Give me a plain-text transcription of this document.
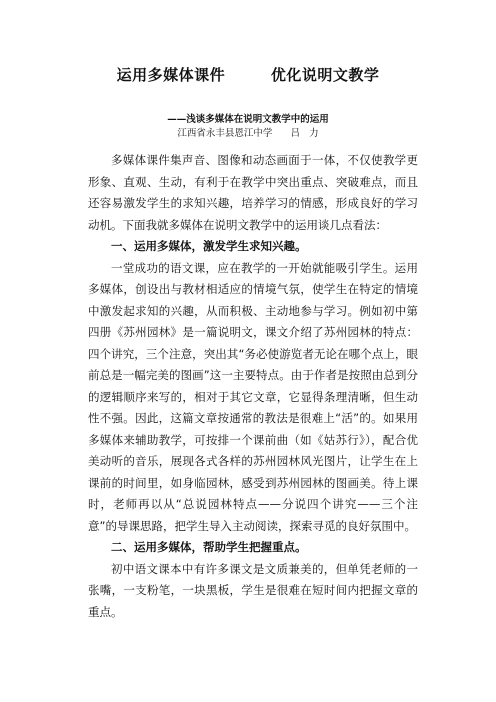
运用多媒体课件        优化说明文教学
——浅谈多媒体在说明文教学中的运用
江西省永丰县恩江中学      吕   力

多媒体课件集声音、图像和动态画面于一体，不仅使教学更形象、直观、生动，有利于在教学中突出重点、突破难点，而且还容易激发学生的求知兴趣，培养学习的情感，形成良好的学习动机。下面我就多媒体在说明文教学中的运用谈几点看法：

一、运用多媒体，激发学生求知兴趣。

一堂成功的语文课，应在教学的一开始就能吸引学生。运用多媒体，创设出与教材相适应的情境气氛，使学生在特定的情境中激发起求知的兴趣，从而积极、主动地参与学习。例如初中第四册《苏州园林》是一篇说明文，课文介绍了苏州园林的特点：四个讲究，三个注意，突出其“务必使游览者无论在哪个点上，眼前总是一幅完美的图画”这一主要特点。由于作者是按照由总到分的逻辑顺序来写的，相对于其它文章，它显得条理清晰，但生动性不强。因此，这篇文章按通常的教法是很难上“活”的。如果用多媒体来辅助教学，可按排一个课前曲（如《姑苏行》），配合优美动听的音乐，展现各式各样的苏州园林风光图片，让学生在上课前的时间里，如身临园林，感受到苏州园林的图画美。待上课时，老师再以从“总说园林特点——分说四个讲究——三个注意”的导课思路，把学生导入主动阅读，探索寻觅的良好氛围中。

二、运用多媒体，帮助学生把握重点。

初中语文课本中有许多课文是文质兼美的，但单凭老师的一张嘴，一支粉笔，一块黑板，学生是很难在短时间内把握文章的重点。
